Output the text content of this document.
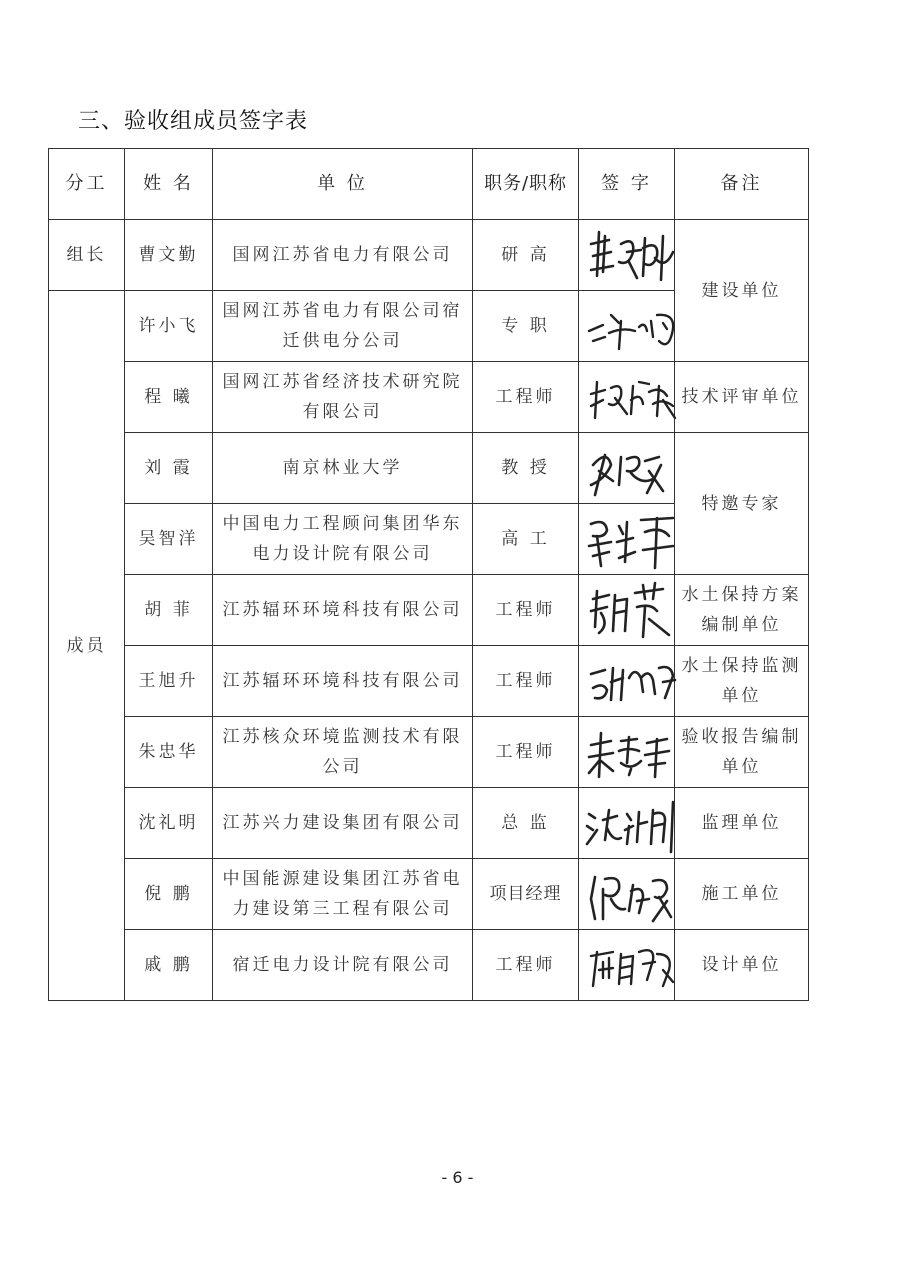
三、验收组成员签字表
分工	姓 名	单 位	职务/职称	签 字	备注
组长	曹文勤	国网江苏省电力有限公司	研 高		建设单位
成员	许小飞	国网江苏省电力有限公司宿迁供电分公司	专 职	

	程 曦	国网江苏省经济技术研究院有限公司	工程师		技术评审单位
	刘 霞	南京林业大学	教 授		特邀专家
	吴智洋	中国电力工程顾问集团华东电力设计院有限公司	高 工	

	胡 菲	江苏辐环环境科技有限公司	工程师		水土保持方案编制单位
	王旭升	江苏辐环环境科技有限公司	工程师		水土保持监测单位
	朱忠华	江苏核众环境监测技术有限公司	工程师		验收报告编制单位
	沈礼明	江苏兴力建设集团有限公司	总 监		监理单位
	倪 鹏	中国能源建设集团江苏省电力建设第三工程有限公司	项目经理		施工单位
	戚 鹏	宿迁电力设计院有限公司	工程师		设计单位
- 6 -
